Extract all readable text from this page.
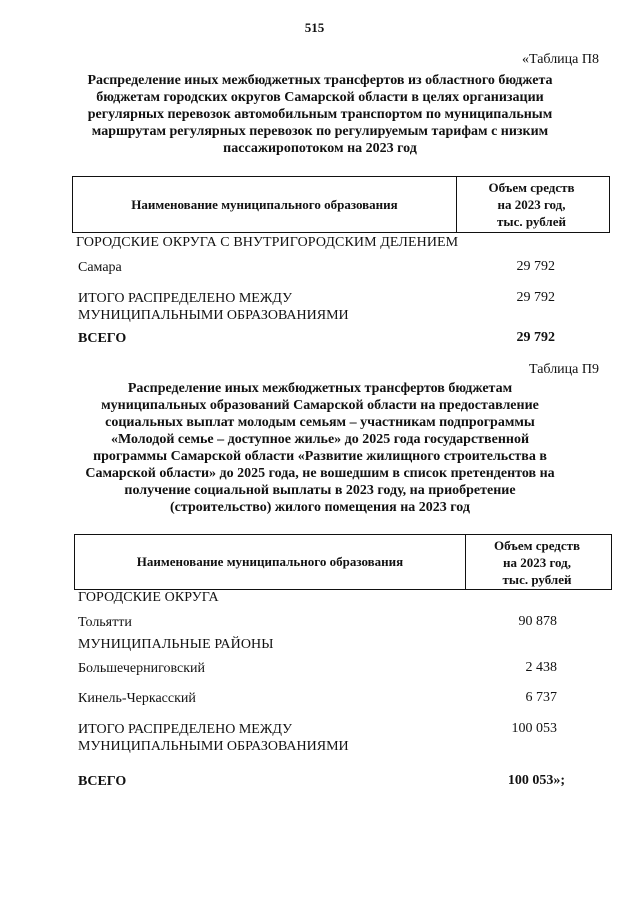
515
«Таблица П8
Распределение иных межбюджетных трансфертов из областного бюджета
бюджетам городских округов Самарской области в целях организации
регулярных перевозок автомобильным транспортом по муниципальным
маршрутам регулярных перевозок по регулируемым тарифам с низким
пассажиропотоком на 2023 год
Наименование муниципального образования
Объем средств
на 2023 год,
тыс. рублей
ГОРОДСКИЕ ОКРУГА С ВНУТРИГОРОДСКИМ ДЕЛЕНИЕМ
Самара	29 792
ИТОГО РАСПРЕДЕЛЕНО МЕЖДУ
МУНИЦИПАЛЬНЫМИ ОБРАЗОВАНИЯМИ
29 792
ВСЕГО	29 792
Таблица П9
Распределение иных межбюджетных трансфертов бюджетам
муниципальных образований Самарской области на предоставление
социальных выплат молодым семьям – участникам подпрограммы
«Молодой семье – доступное жилье» до 2025 года государственной
программы Самарской области «Развитие жилищного строительства в
Самарской области» до 2025 года, не вошедшим в список претендентов на
получение социальной выплаты в 2023 году, на приобретение
(строительство) жилого помещения на 2023 год
Наименование муниципального образования
Объем средств
на 2023 год,
тыс. рублей
ГОРОДСКИЕ ОКРУГА
Тольятти	90 878
МУНИЦИПАЛЬНЫЕ РАЙОНЫ
Большечерниговский	2 438
Кинель-Черкасский	6 737
ИТОГО РАСПРЕДЕЛЕНО МЕЖДУ
МУНИЦИПАЛЬНЫМИ ОБРАЗОВАНИЯМИ
100 053
ВСЕГО	100 053»;
